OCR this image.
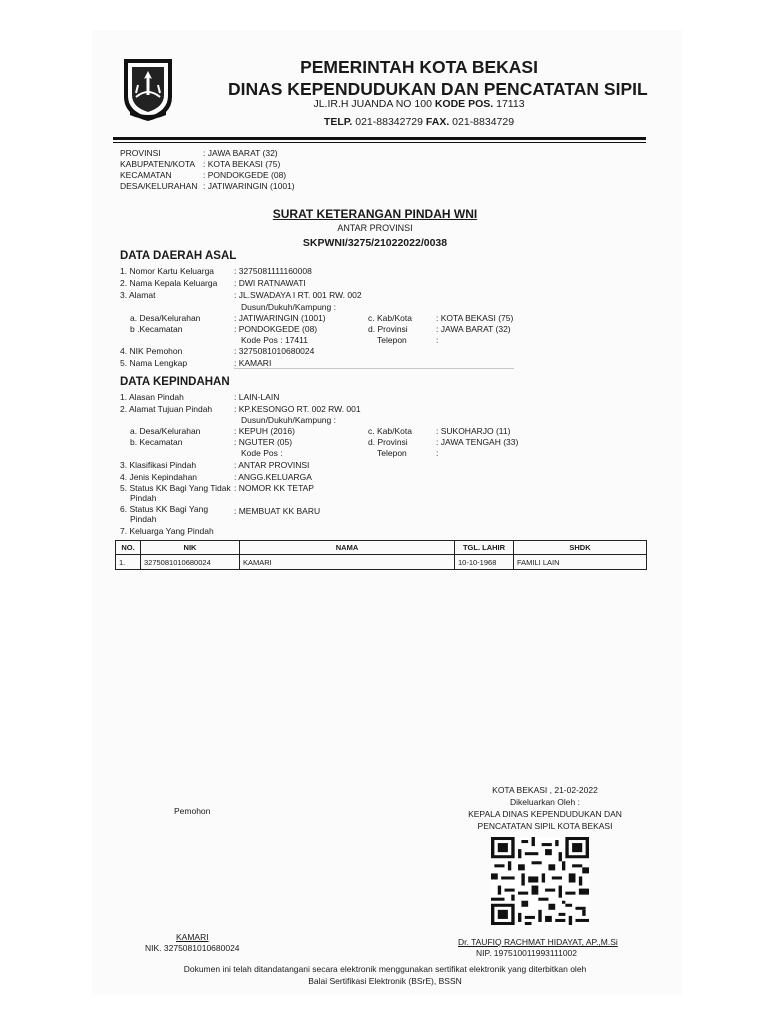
PEMERINTAH KOTA BEKASI
DINAS KEPENDUDUKAN DAN PENCATATAN SIPIL
JL.IR.H JUANDA NO 100 KODE POS. 17113
TELP. 021-88342729 FAX. 021-8834729
PROVINSI	: JAWA BARAT (32)
KABUPATEN/KOTA : KOTA BEKASI (75)
KECAMATAN	: PONDOKGEDE (08)
DESA/KELURAHAN : JATIWARINGIN (1001)
SURAT KETERANGAN PINDAH WNI
ANTAR PROVINSI
SKPWNI/3275/21022022/0038
DATA DAERAH ASAL
1. Nomor Kartu Keluarga : 3275081111160008
2. Nama Kepala Keluarga : DWI RATNAWATI
3. Alamat	: JL.SWADAYA I RT. 001 RW. 002
Dusun/Dukuh/Kampung :
a. Desa/Kelurahan	: JATIWARINGIN (1001)	c. Kab/Kota	: KOTA BEKASI (75)
b .Kecamatan	: PONDOKGEDE (08)	d. Provinsi	: JAWA BARAT (32)
Kode Pos : 17411	Telepon	:
4. NIK Pemohon	: 3275081010680024
5. Nama Lengkap	: KAMARI
DATA KEPINDAHAN
1. Alasan Pindah	: LAIN-LAIN
2. Alamat Tujuan Pindah	: KP.KESONGO RT. 002 RW. 001
Dusun/Dukuh/Kampung :
a. Desa/Kelurahan	: KEPUH (2016)	c. Kab/Kota	: SUKOHARJO (11)
b. Kecamatan	: NGUTER (05)	d. Provinsi	: JAWA TENGAH (33)
Kode Pos :	Telepon	:
3. Klasifikasi Pindah	: ANTAR PROVINSI
4. Jenis Kepindahan	: ANGG.KELUARGA
5. Status KK Bagi Yang Tidak : NOMOR KK TETAP
Pindah
6. Status KK Bagi Yang	: MEMBUAT KK BARU
Pindah
7. Keluarga Yang Pindah
NO.	NIK	NAMA	TGL. LAHIR	SHDK
1.	3275081010680024	KAMARI	10-10-1968	FAMILI LAIN
Pemohon
KOTA BEKASI , 21-02-2022
Dikeluarkan Oleh :
KEPALA DINAS KEPENDUDUKAN DAN
PENCATATAN SIPIL KOTA BEKASI
KAMARI
NIK. 3275081010680024
Dr. TAUFIQ RACHMAT HIDAYAT, AP.,M.Si
NIP. 197510011993111002
Dokumen ini telah ditandatangani secara elektronik menggunakan sertifikat elektronik yang diterbitkan oleh
Balai Sertifikasi Elektronik (BSrE), BSSN
